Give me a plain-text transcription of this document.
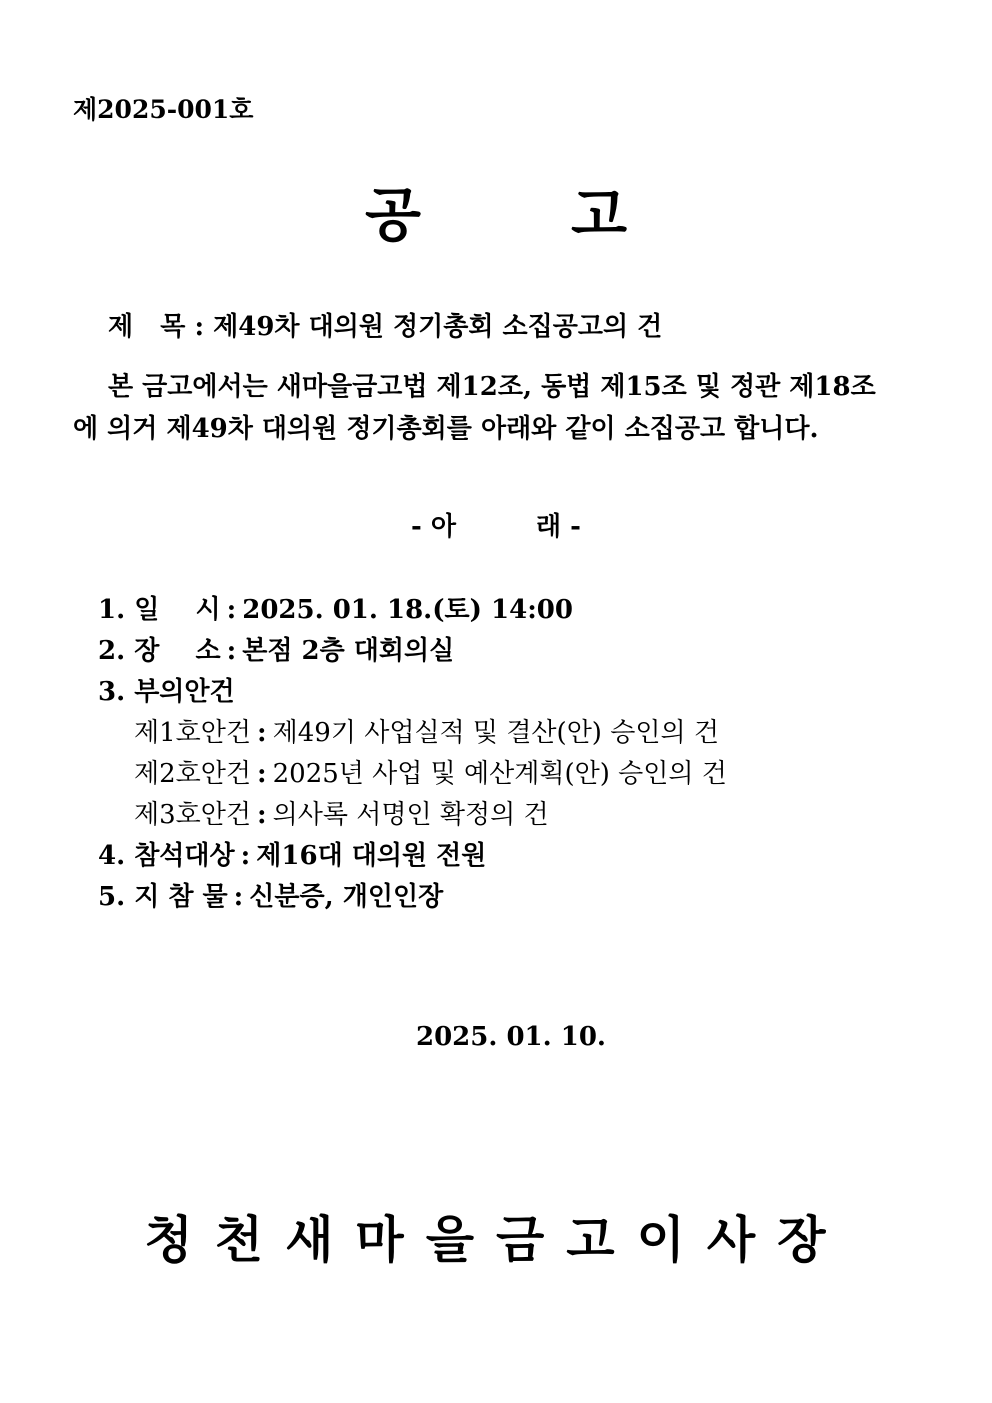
제2025-001호
공	고
제   목 : 제49차 대의원 정기총회 소집공고의 건
본 금고에서는 새마을금고법 제12조, 동법 제15조 및 정관 제18조
에 의거 제49차 대의원 정기총회를 아래와 같이 소집공고 합니다.
- 아	래 -
1. 일    시 : 2025. 01. 18.(토) 14:00
2. 장    소 : 본점 2층 대회의실
3. 부의안건
제1호안건 : 제49기 사업실적 및 결산(안) 승인의 건
제2호안건 : 2025년 사업 및 예산계획(안) 승인의 건
제3호안건 : 의사록 서명인 확정의 건
4. 참석대상 : 제16대 대의원 전원
5. 지 참 물 : 신분증, 개인인장
2025. 01. 10.
청천새마을금고이사장
